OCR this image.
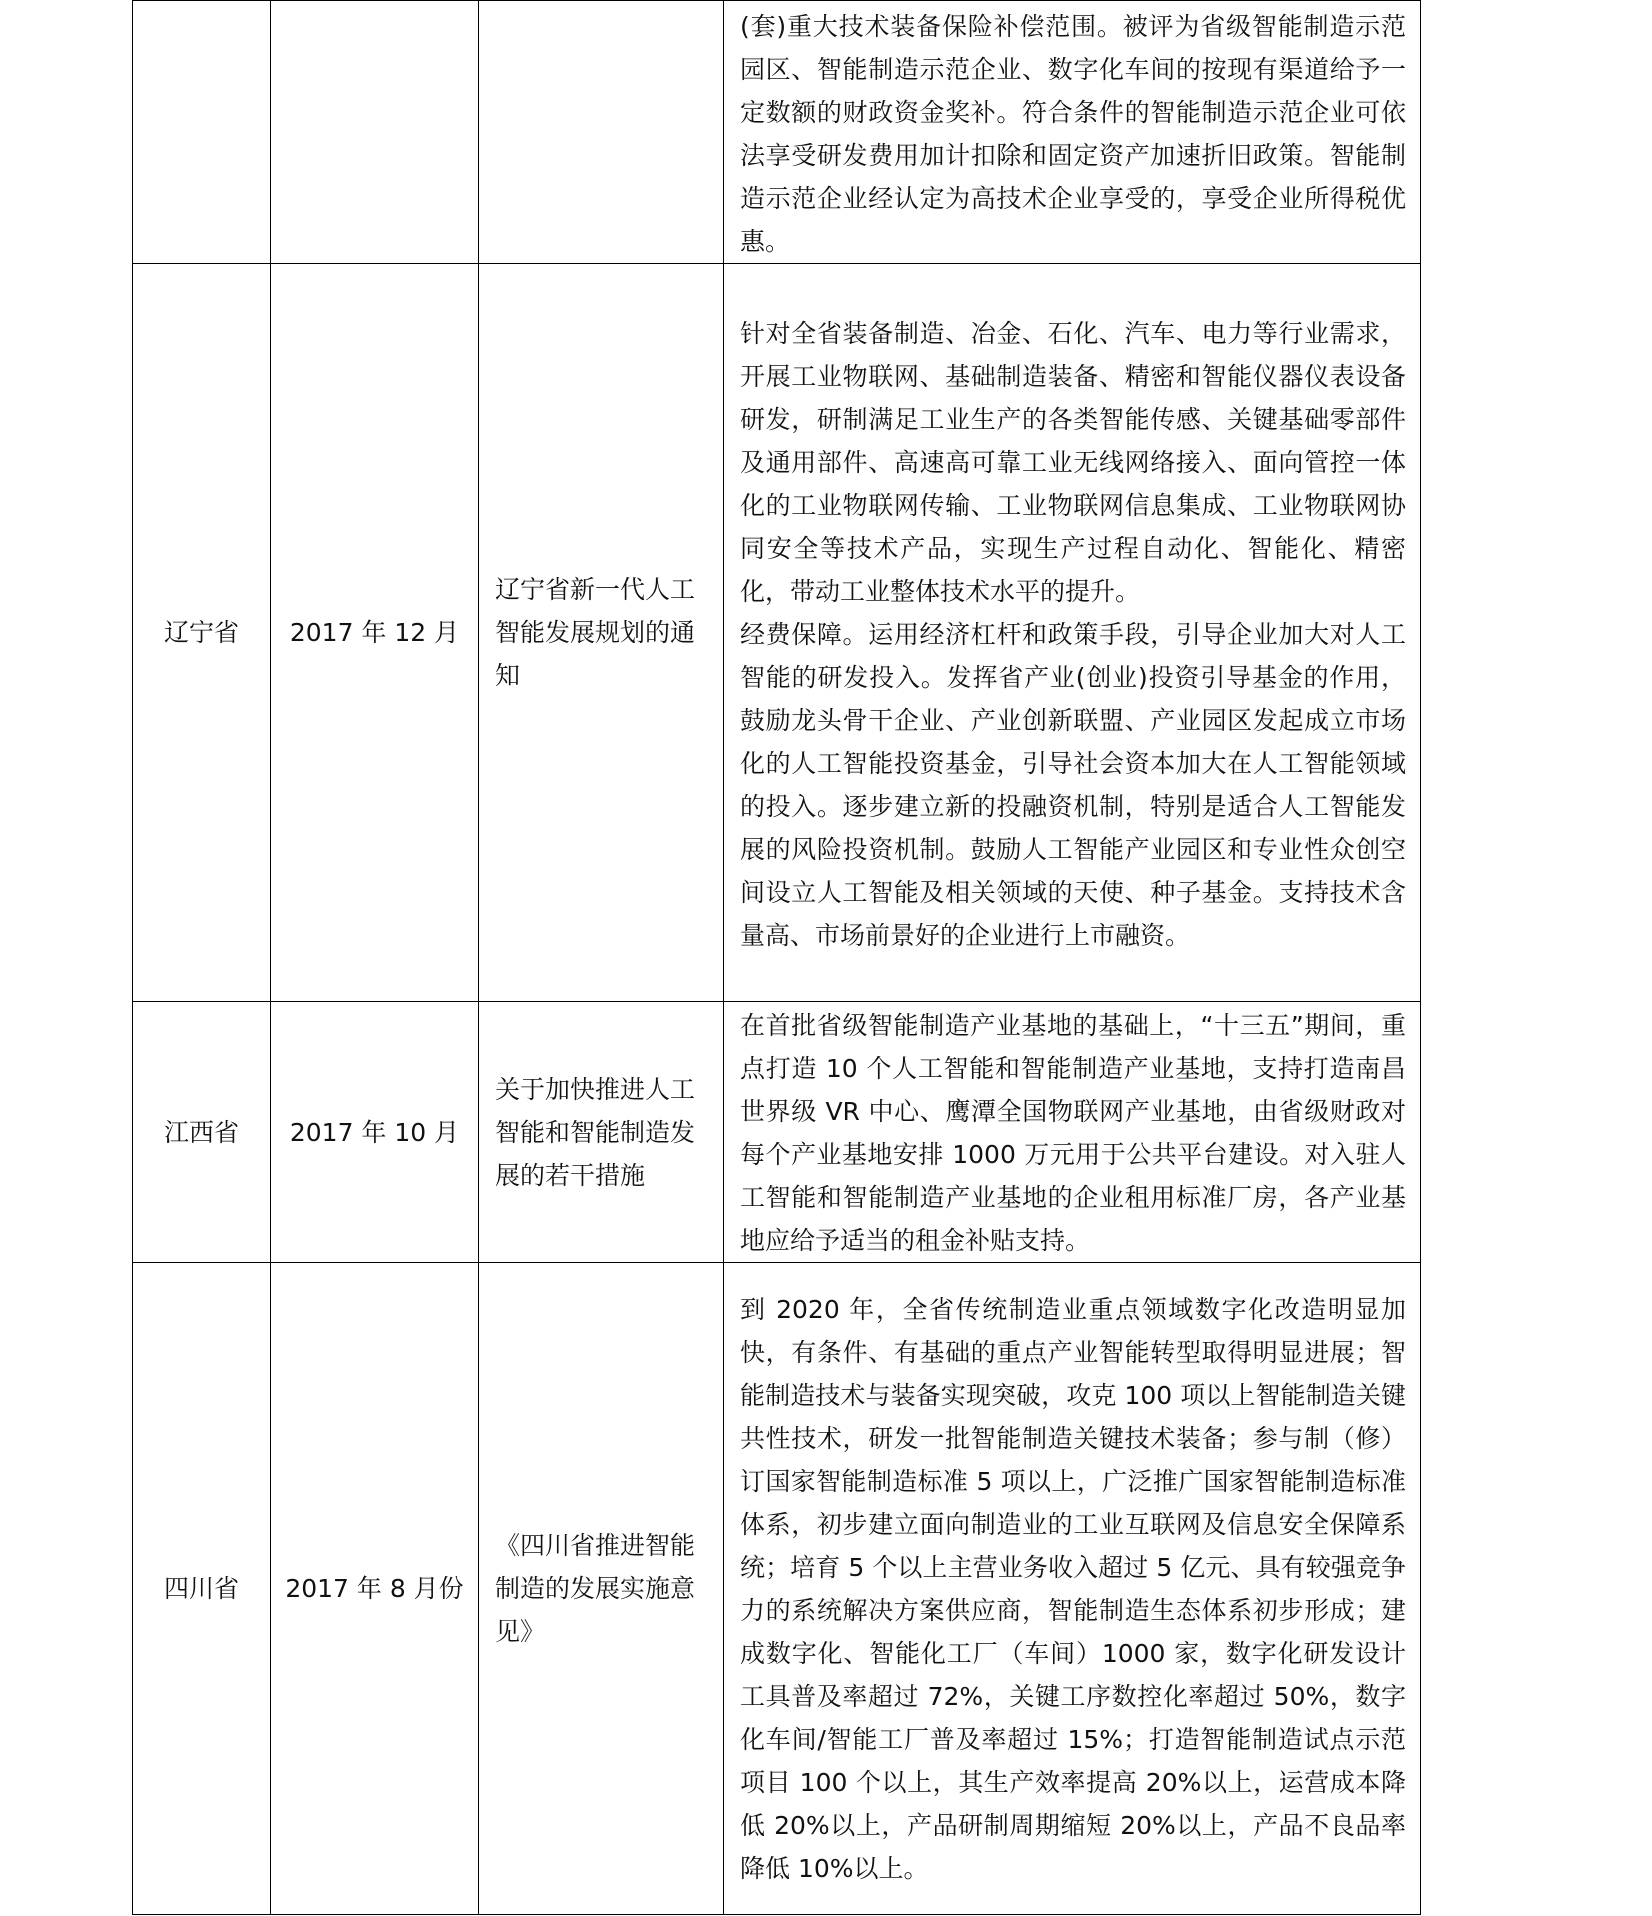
			(套)重大技术装备保险补偿范围。被评为省级智能制造示范园区、智能制造示范企业、数字化车间的按现有渠道给予一定数额的财政资金奖补。符合条件的智能制造示范企业可依法享受研发费用加计扣除和固定资产加速折旧政策。智能制造示范企业经认定为高技术企业享受的，享受企业所得税优惠。

辽宁省	2017 年 12 月	辽宁省新一代人工智能发展规划的通知	针对全省装备制造、冶金、石化、汽车、电力等行业需求，开展工业物联网、基础制造装备、精密和智能仪器仪表设备研发，研制满足工业生产的各类智能传感、关键基础零部件及通用部件、高速高可靠工业无线网络接入、面向管控一体化的工业物联网传输、工业物联网信息集成、工业物联网协同安全等技术产品，实现生产过程自动化、智能化、精密化，带动工业整体技术水平的提升。
经费保障。运用经济杠杆和政策手段，引导企业加大对人工智能的研发投入。发挥省产业(创业)投资引导基金的作用，鼓励龙头骨干企业、产业创新联盟、产业园区发起成立市场化的人工智能投资基金，引导社会资本加大在人工智能领域的投入。逐步建立新的投融资机制，特别是适合人工智能发展的风险投资机制。鼓励人工智能产业园区和专业性众创空间设立人工智能及相关领域的天使、种子基金。支持技术含量高、市场前景好的企业进行上市融资。

江西省	2017 年 10 月	关于加快推进人工智能和智能制造发展的若干措施	在首批省级智能制造产业基地的基础上，“十三五”期间，重点打造 10 个人工智能和智能制造产业基地，支持打造南昌世界级 VR 中心、鹰潭全国物联网产业基地，由省级财政对每个产业基地安排 1000 万元用于公共平台建设。对入驻人工智能和智能制造产业基地的企业租用标准厂房，各产业基地应给予适当的租金补贴支持。

四川省	2017 年 8 月份	《四川省推进智能制造的发展实施意见》	到 2020 年，全省传统制造业重点领域数字化改造明显加快，有条件、有基础的重点产业智能转型取得明显进展；智能制造技术与装备实现突破，攻克 100 项以上智能制造关键共性技术，研发一批智能制造关键技术装备；参与制（修）订国家智能制造标准 5 项以上，广泛推广国家智能制造标准体系，初步建立面向制造业的工业互联网及信息安全保障系统；培育 5 个以上主营业务收入超过 5 亿元、具有较强竞争力的系统解决方案供应商，智能制造生态体系初步形成；建成数字化、智能化工厂（车间）1000 家，数字化研发设计工具普及率超过 72%，关键工序数控化率超过 50%，数字化车间/智能工厂普及率超过 15%；打造智能制造试点示范项目 100 个以上，其生产效率提高 20%以上，运营成本降低 20%以上，产品研制周期缩短 20%以上，产品不良品率降低 10%以上。
